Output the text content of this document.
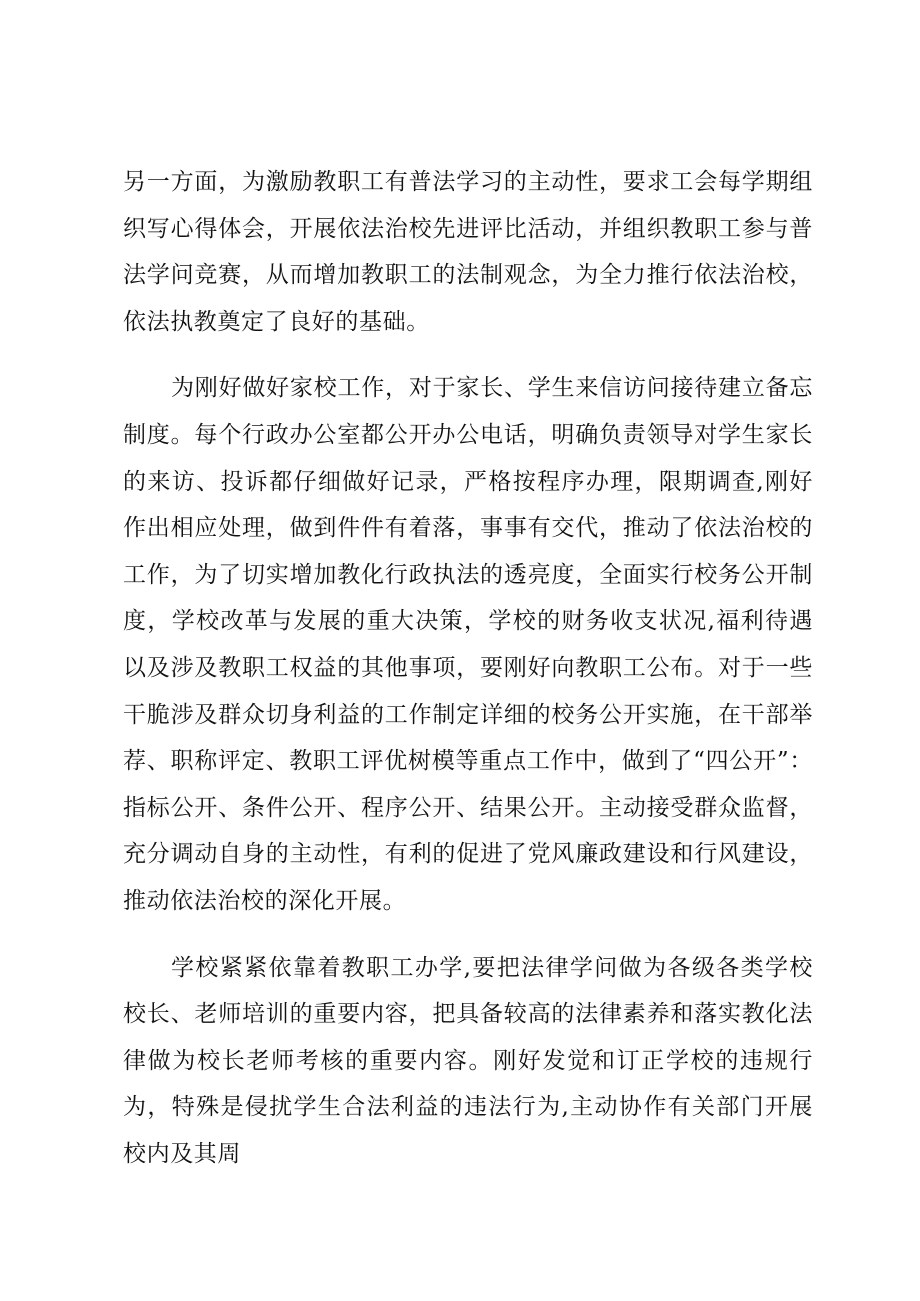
另一方面，为激励教职工有普法学习的主动性，要求工会每学期组织写心得体会，开展依法治校先进评比活动，并组织教职工参与普法学问竞赛，从而增加教职工的法制观念，为全力推行依法治校，依法执教奠定了良好的基础。

为刚好做好家校工作，对于家长、学生来信访问接待建立备忘制度。每个行政办公室都公开办公电话，明确负责领导对学生家长的来访、投诉都仔细做好记录，严格按程序办理，限期调查,刚好作出相应处理，做到件件有着落，事事有交代，推动了依法治校的工作，为了切实增加教化行政执法的透亮度，全面实行校务公开制度，学校改革与发展的重大决策，学校的财务收支状况,福利待遇以及涉及教职工权益的其他事项，要刚好向教职工公布。对于一些干脆涉及群众切身利益的工作制定详细的校务公开实施，在干部举荐、职称评定、教职工评优树模等重点工作中，做到了“四公开”：指标公开、条件公开、程序公开、结果公开。主动接受群众监督，充分调动自身的主动性，有利的促进了党风廉政建设和行风建设，推动依法治校的深化开展。

学校紧紧依靠着教职工办学,要把法律学问做为各级各类学校校长、老师培训的重要内容，把具备较高的法律素养和落实教化法律做为校长老师考核的重要内容。刚好发觉和订正学校的违规行为，特殊是侵扰学生合法利益的违法行为,主动协作有关部门开展校内及其周
